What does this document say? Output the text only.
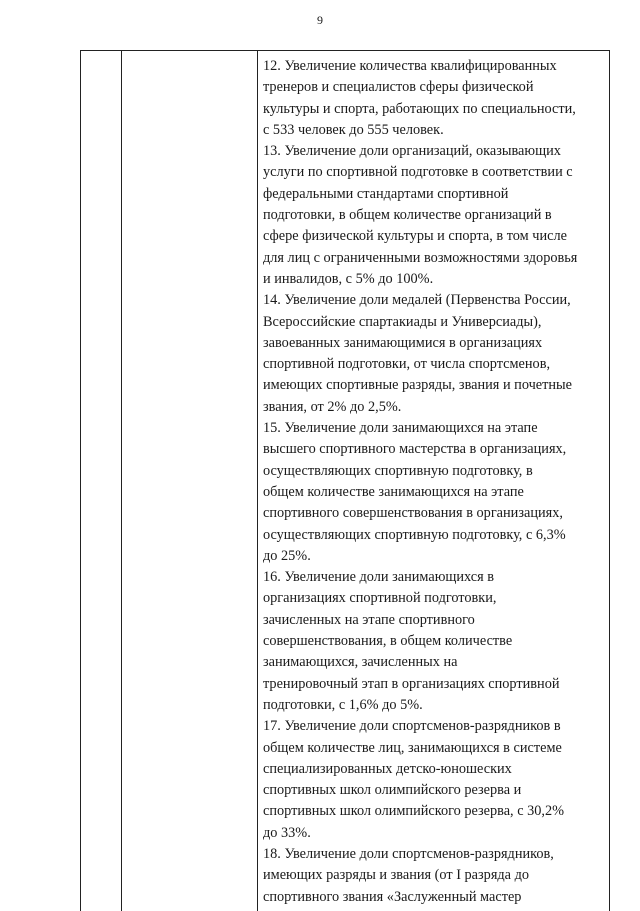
9
12. Увеличение количества квалифицированных
тренеров и специалистов сферы физической
культуры и спорта, работающих по специальности,
с 533 человек до 555 человек.
13. Увеличение доли организаций, оказывающих
услуги по спортивной подготовке в соответствии с
федеральными стандартами спортивной
подготовки, в общем количестве организаций в
сфере физической культуры и спорта, в том числе
для лиц с ограниченными возможностями здоровья
и инвалидов, с 5% до 100%.
14. Увеличение доли медалей (Первенства России,
Всероссийские спартакиады и Универсиады),
завоеванных занимающимися в организациях
спортивной подготовки, от числа спортсменов,
имеющих спортивные разряды, звания и почетные
звания, от 2% до 2,5%.
15. Увеличение доли занимающихся на этапе
высшего спортивного мастерства в организациях,
осуществляющих спортивную подготовку, в
общем количестве занимающихся на этапе
спортивного совершенствования в организациях,
осуществляющих спортивную подготовку, с 6,3%
до 25%.
16. Увеличение доли занимающихся в
организациях спортивной подготовки,
зачисленных на этапе спортивного
совершенствования, в общем количестве
занимающихся, зачисленных на
тренировочный этап в организациях спортивной
подготовки, с 1,6% до 5%.
17. Увеличение доли спортсменов-разрядников в
общем количестве лиц, занимающихся в системе
специализированных детско-юношеских
спортивных школ олимпийского резерва и
спортивных школ олимпийского резерва, с 30,2%
до 33%.
18. Увеличение доли спортсменов-разрядников,
имеющих разряды и звания (от I разряда до
спортивного звания «Заслуженный мастер
